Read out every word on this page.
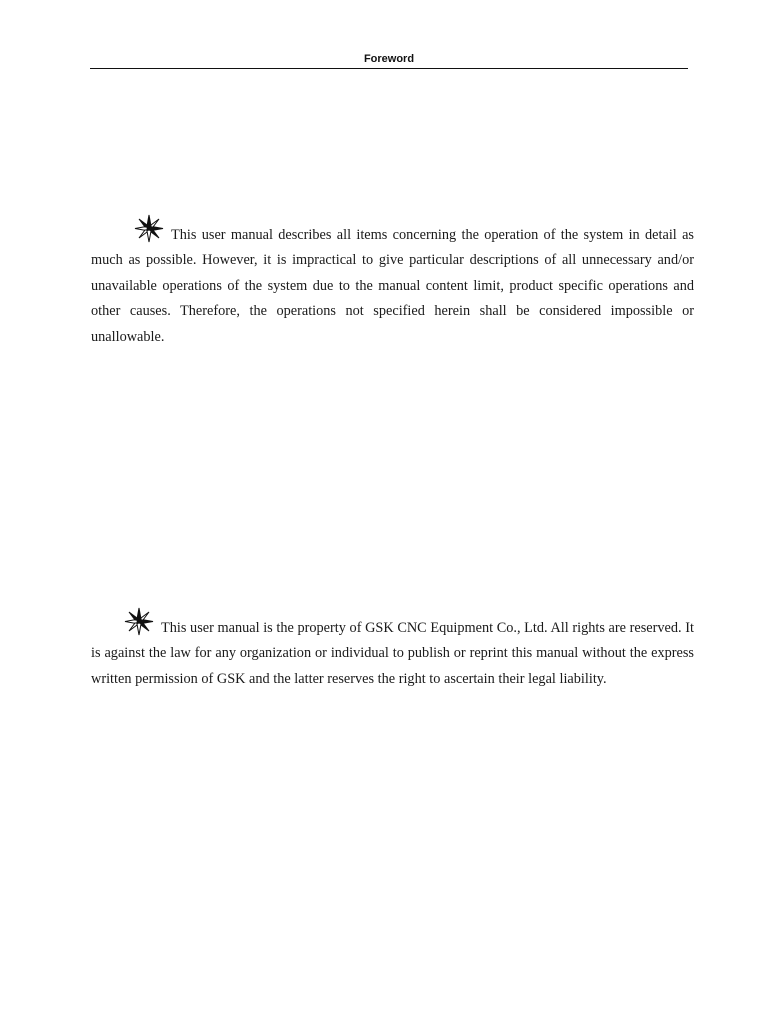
Foreword

This user manual describes all items concerning the operation of the system in detail as much as possible. However, it is impractical to give particular descriptions of all unnecessary and/or unavailable operations of the system due to the manual content limit, product specific operations and other causes. Therefore, the operations not specified herein shall be considered impossible or unallowable.

This user manual is the property of GSK CNC Equipment Co., Ltd. All rights are reserved. It is against the law for any organization or individual to publish or reprint this manual without the express written permission of GSK and the latter reserves the right to ascertain their legal liability.
